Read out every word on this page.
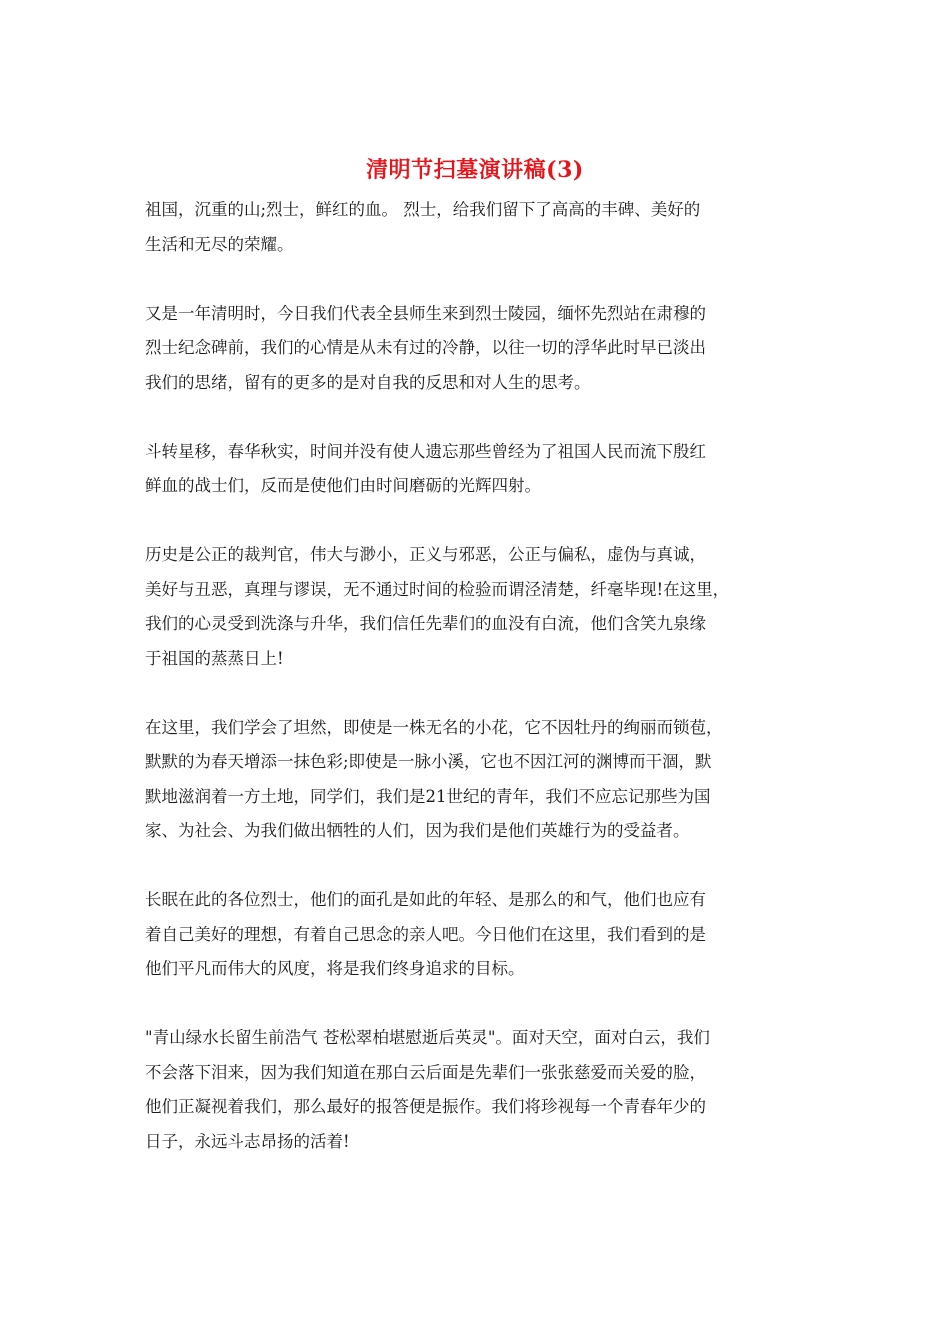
清明节扫墓演讲稿(3)
祖国，沉重的山;烈士，鲜红的血。 烈士，给我们留下了高高的丰碑、美好的
生活和无尽的荣耀。
又是一年清明时，今日我们代表全县师生来到烈士陵园，缅怀先烈站在肃穆的
烈士纪念碑前，我们的心情是从未有过的冷静，以往一切的浮华此时早已淡出
我们的思绪，留有的更多的是对自我的反思和对人生的思考。
斗转星移，春华秋实，时间并没有使人遗忘那些曾经为了祖国人民而流下殷红
鲜血的战士们，反而是使他们由时间磨砺的光辉四射。
历史是公正的裁判官，伟大与渺小，正义与邪恶，公正与偏私，虚伪与真诚，
美好与丑恶，真理与谬误，无不通过时间的检验而谓泾清楚，纤毫毕现!在这里，
我们的心灵受到洗涤与升华，我们信任先辈们的血没有白流，他们含笑九泉缘
于祖国的蒸蒸日上!
在这里，我们学会了坦然，即使是一株无名的小花，它不因牡丹的绚丽而锁苞，
默默的为春天增添一抹色彩;即使是一脉小溪，它也不因江河的渊博而干涸，默
默地滋润着一方土地，同学们，我们是21世纪的青年，我们不应忘记那些为国
家、为社会、为我们做出牺牲的人们，因为我们是他们英雄行为的受益者。
长眠在此的各位烈士，他们的面孔是如此的年轻、是那么的和气，他们也应有
着自己美好的理想，有着自己思念的亲人吧。今日他们在这里，我们看到的是
他们平凡而伟大的风度，将是我们终身追求的目标。
"青山绿水长留生前浩气 苍松翠柏堪慰逝后英灵"。面对天空，面对白云，我们
不会落下泪来，因为我们知道在那白云后面是先辈们一张张慈爱而关爱的脸，
他们正凝视着我们，那么最好的报答便是振作。我们将珍视每一个青春年少的
日子，永远斗志昂扬的活着!
